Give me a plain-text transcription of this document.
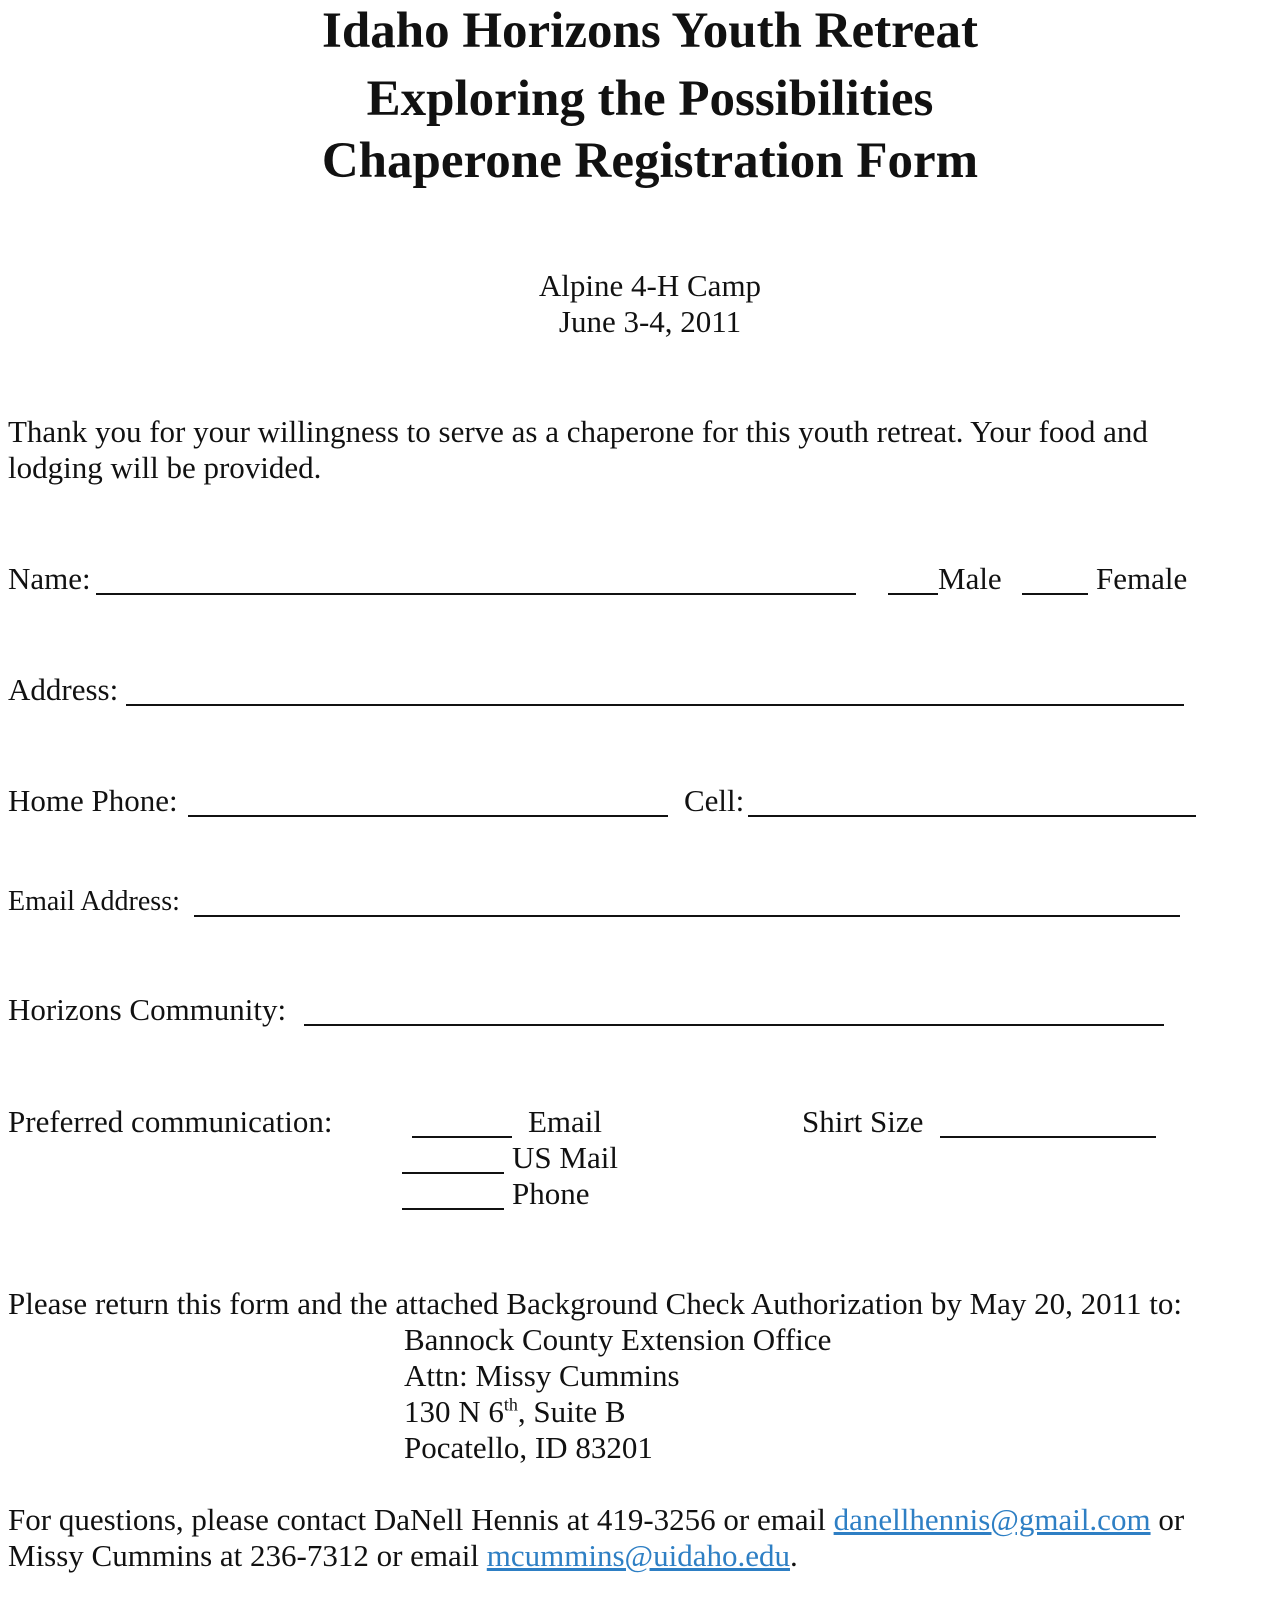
Idaho Horizons Youth Retreat
Exploring the Possibilities
Chaperone Registration Form
Alpine 4-H Camp
June 3-4, 2011
Thank you for your willingness to serve as a chaperone for this youth retreat. Your food and
lodging will be provided.
Name:	Male	Female
Address:
Home Phone:	Cell:
Email Address:
Horizons Community:
Preferred communication:	Email
US Mail
Phone
Shirt Size
Please return this form and the attached Background Check Authorization by May 20, 2011 to:
Bannock County Extension Office
Attn: Missy Cummins
130 N 6th, Suite B
Pocatello, ID 83201
For questions, please contact DaNell Hennis at 419-3256 or email danellhennis@gmail.com or
Missy Cummins at 236-7312 or email mcummins@uidaho.edu.
